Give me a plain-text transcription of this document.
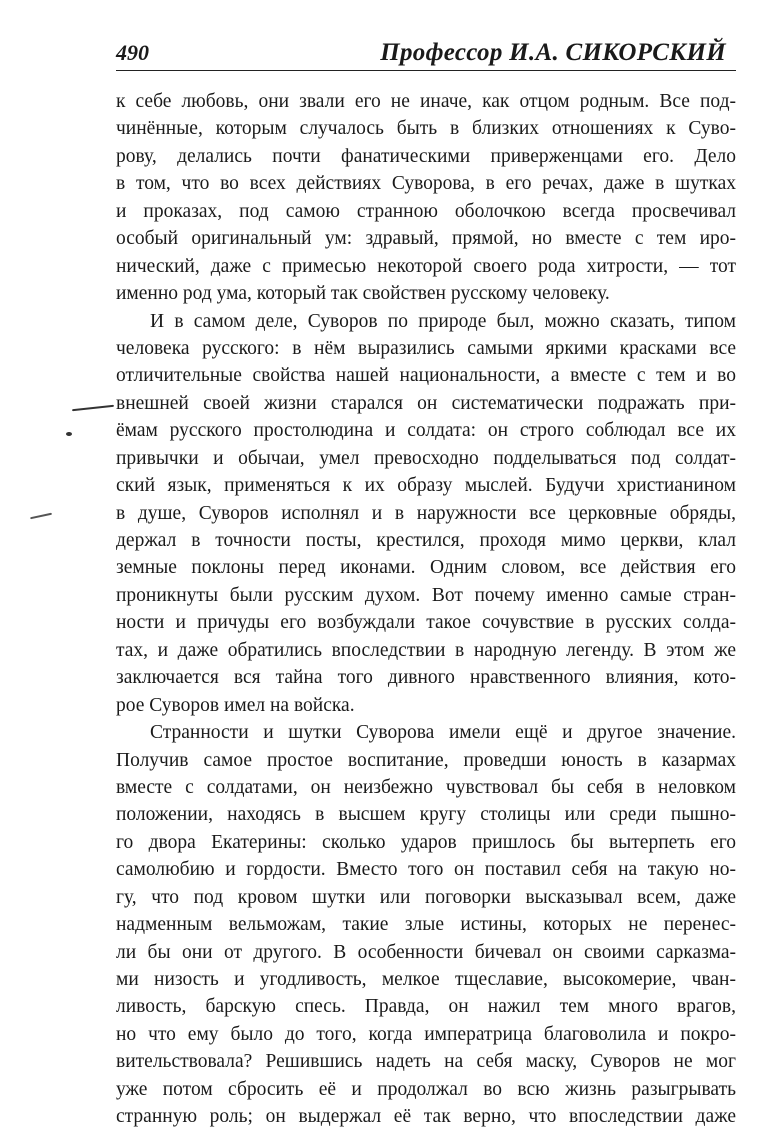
490	Профессор И.А. СИКОРСКИЙ
к себе любовь, они звали его не иначе, как отцом родным. Все под-
чинённые, которым случалось быть в близких отношениях к Суво-
рову, делались почти фанатическими приверженцами его. Дело
в том, что во всех действиях Суворова, в его речах, даже в шутках
и проказах, под самою странною оболочкою всегда просвечивал
особый оригинальный ум: здравый, прямой, но вместе с тем иро-
нический, даже с примесью некоторой своего рода хитрости, — тот
именно род ума, который так свойствен русскому человеку.
И в самом деле, Суворов по природе был, можно сказать, типом
человека русского: в нём выразились самыми яркими красками все
отличительные свойства нашей национальности, а вместе с тем и во
внешней своей жизни старался он систематически подражать при-
ёмам русского простолюдина и солдата: он строго соблюдал все их
привычки и обычаи, умел превосходно подделываться под солдат-
ский язык, применяться к их образу мыслей. Будучи христианином
в душе, Суворов исполнял и в наружности все церковные обряды,
держал в точности посты, крестился, проходя мимо церкви, клал
земные поклоны перед иконами. Одним словом, все действия его
проникнуты были русским духом. Вот почему именно самые стран-
ности и причуды его возбуждали такое сочувствие в русских солда-
тах, и даже обратились впоследствии в народную легенду. В этом же
заключается вся тайна того дивного нравственного влияния, кото-
рое Суворов имел на войска.
Странности и шутки Суворова имели ещё и другое значение.
Получив самое простое воспитание, проведши юность в казармах
вместе с солдатами, он неизбежно чувствовал бы себя в неловком
положении, находясь в высшем кругу столицы или среди пышно-
го двора Екатерины: сколько ударов пришлось бы вытерпеть его
самолюбию и гордости. Вместо того он поставил себя на такую но-
гу, что под кровом шутки или поговорки высказывал всем, даже
надменным вельможам, такие злые истины, которых не перенес-
ли бы они от другого. В особенности бичевал он своими сарказма-
ми низость и угодливость, мелкое тщеславие, высокомерие, чван-
ливость, барскую спесь. Правда, он нажил тем много врагов,
но что ему было до того, когда императрица благоволила и покро-
вительствовала? Решившись надеть на себя маску, Суворов не мог
уже потом сбросить её и продолжал во всю жизнь разыгрывать
странную роль; он выдержал её так верно, что впоследствии даже
